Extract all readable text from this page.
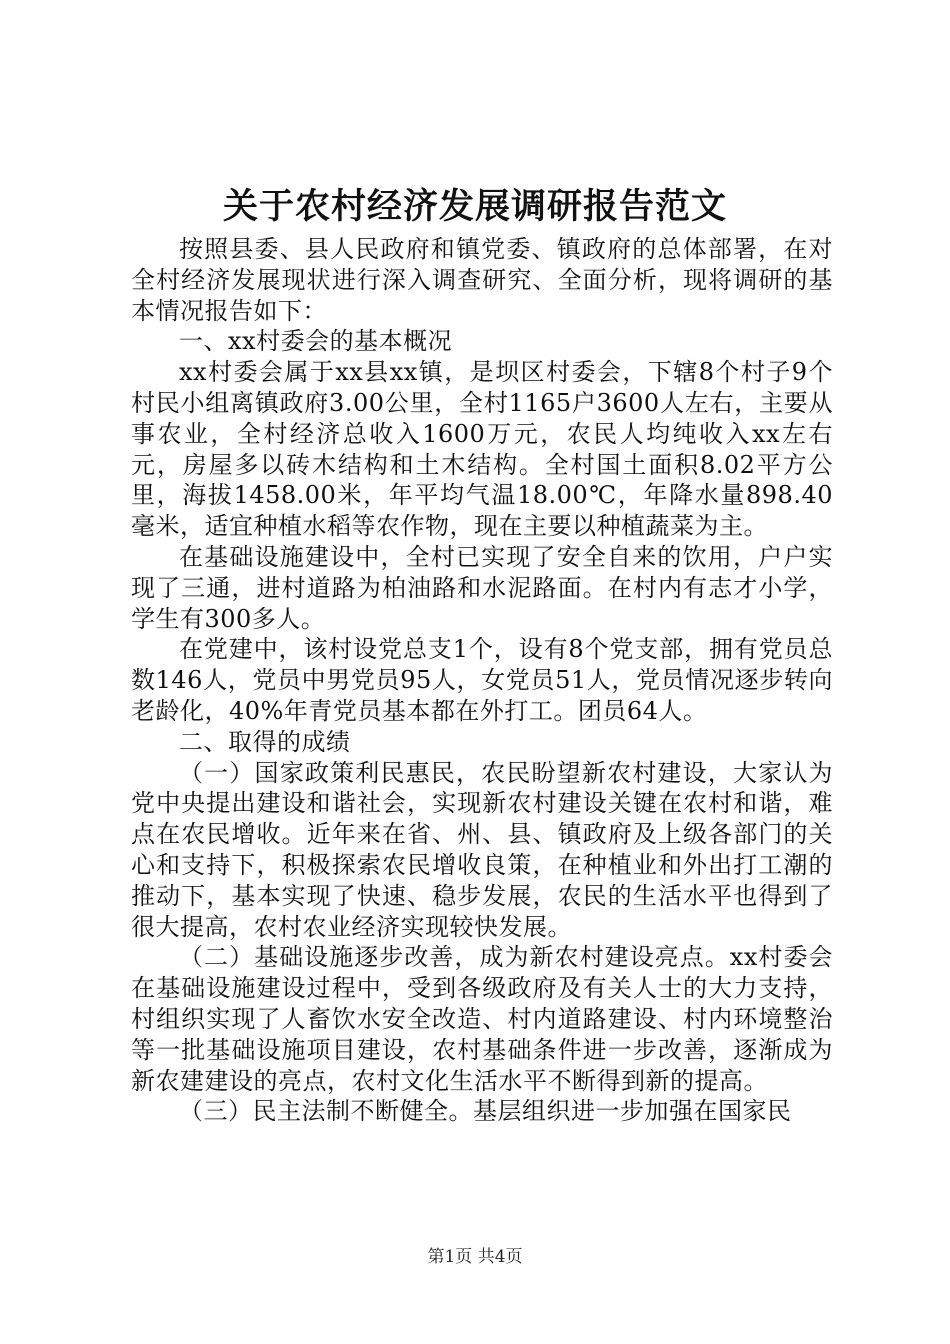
关于农村经济发展调研报告范文

按照县委、县人民政府和镇党委、镇政府的总体部署，在对全村经济发展现状进行深入调查研究、全面分析，现将调研的基本情况报告如下：

一、xx村委会的基本概况

xx村委会属于xx县xx镇，是坝区村委会，下辖8个村子9个村民小组离镇政府3.00公里，全村1165户3600人左右，主要从事农业，全村经济总收入1600万元，农民人均纯收入xx左右元，房屋多以砖木结构和土木结构。全村国土面积8.02平方公里，海拔1458.00米，年平均气温18.00℃，年降水量898.40毫米，适宜种植水稻等农作物，现在主要以种植蔬菜为主。

在基础设施建设中，全村已实现了安全自来的饮用，户户实现了三通，进村道路为柏油路和水泥路面。在村内有志才小学，学生有300多人。

在党建中，该村设党总支1个，设有8个党支部，拥有党员总数146人，党员中男党员95人，女党员51人，党员情况逐步转向老龄化，40%年青党员基本都在外打工。团员64人。

二、取得的成绩

（一）国家政策利民惠民，农民盼望新农村建设，大家认为党中央提出建设和谐社会，实现新农村建设关键在农村和谐，难点在农民增收。近年来在省、州、县、镇政府及上级各部门的关心和支持下，积极探索农民增收良策，在种植业和外出打工潮的推动下，基本实现了快速、稳步发展，农民的生活水平也得到了很大提高，农村农业经济实现较快发展。

（二）基础设施逐步改善，成为新农村建设亮点。xx村委会在基础设施建设过程中，受到各级政府及有关人士的大力支持，村组织实现了人畜饮水安全改造、村内道路建设、村内环境整治等一批基础设施项目建设，农村基础条件进一步改善，逐渐成为新农建建设的亮点，农村文化生活水平不断得到新的提高。

（三）民主法制不断健全。基层组织进一步加强在国家民

第1页 共4页
